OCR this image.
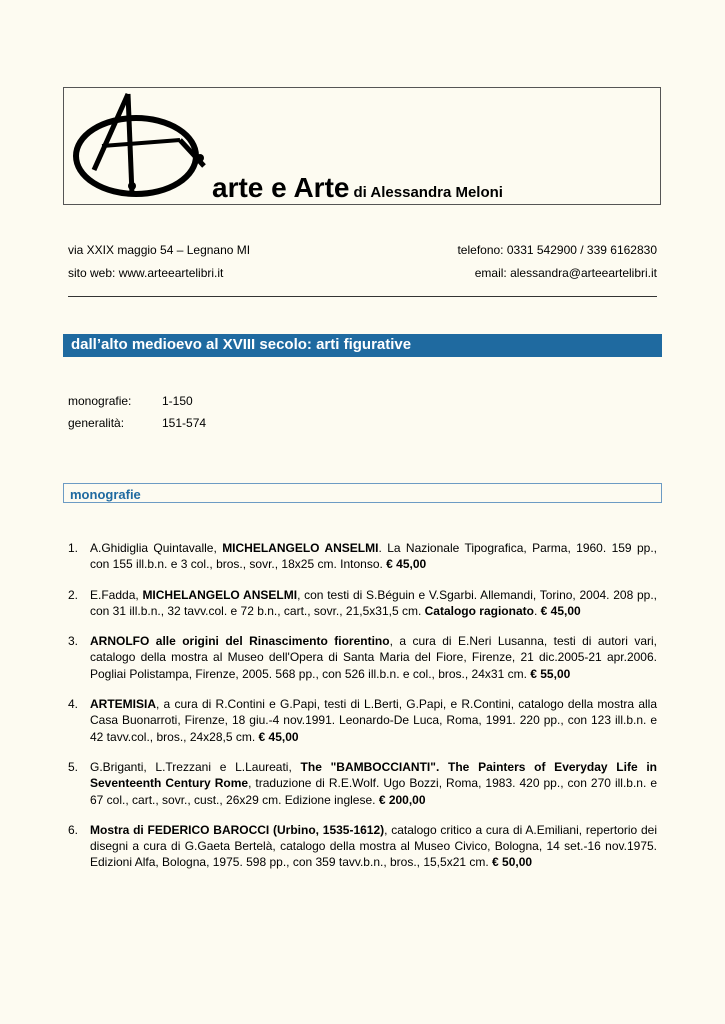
arte e Arte di Alessandra Meloni
via XXIX maggio 54 – Legnano MI	telefono: 0331 542900 / 339 6162830
sito web: www.arteeartelibri.it	email: alessandra@arteeartelibri.it
dall’alto medioevo al XVIII secolo: arti figurative
monografie:	1-150
generalità:	151-574
monografie
1. A.Ghidiglia Quintavalle, MICHELANGELO ANSELMI. La Nazionale Tipografica, Parma, 1960. 159 pp., con 155 ill.b.n. e 3 col., bros., sovr., 18x25 cm. Intonso. € 45,00
2. E.Fadda, MICHELANGELO ANSELMI, con testi di S.Béguin e V.Sgarbi. Allemandi, Torino, 2004. 208 pp., con 31 ill.b.n., 32 tavv.col. e 72 b.n., cart., sovr., 21,5x31,5 cm. Catalogo ragionato. € 45,00
3. ARNOLFO alle origini del Rinascimento fiorentino, a cura di E.Neri Lusanna, testi di autori vari, catalogo della mostra al Museo dell'Opera di Santa Maria del Fiore, Firenze, 21 dic.2005-21 apr.2006. Pogliai Polistampa, Firenze, 2005. 568 pp., con 526 ill.b.n. e col., bros., 24x31 cm. € 55,00
4. ARTEMISIA, a cura di R.Contini e G.Papi, testi di L.Berti, G.Papi, e R.Contini, catalogo della mostra alla Casa Buonarroti, Firenze, 18 giu.-4 nov.1991. Leonardo-De Luca, Roma, 1991. 220 pp., con 123 ill.b.n. e 42 tavv.col., bros., 24x28,5 cm. € 45,00
5. G.Briganti, L.Trezzani e L.Laureati, The "BAMBOCCIANTI". The Painters of Everyday Life in Seventeenth Century Rome, traduzione di R.E.Wolf. Ugo Bozzi, Roma, 1983. 420 pp., con 270 ill.b.n. e 67 col., cart., sovr., cust., 26x29 cm. Edizione inglese. € 200,00
6. Mostra di FEDERICO BAROCCI (Urbino, 1535-1612), catalogo critico a cura di A.Emiliani, repertorio dei disegni a cura di G.Gaeta Bertelà, catalogo della mostra al Museo Civico, Bologna, 14 set.-16 nov.1975. Edizioni Alfa, Bologna, 1975. 598 pp., con 359 tavv.b.n., bros., 15,5x21 cm. € 50,00
